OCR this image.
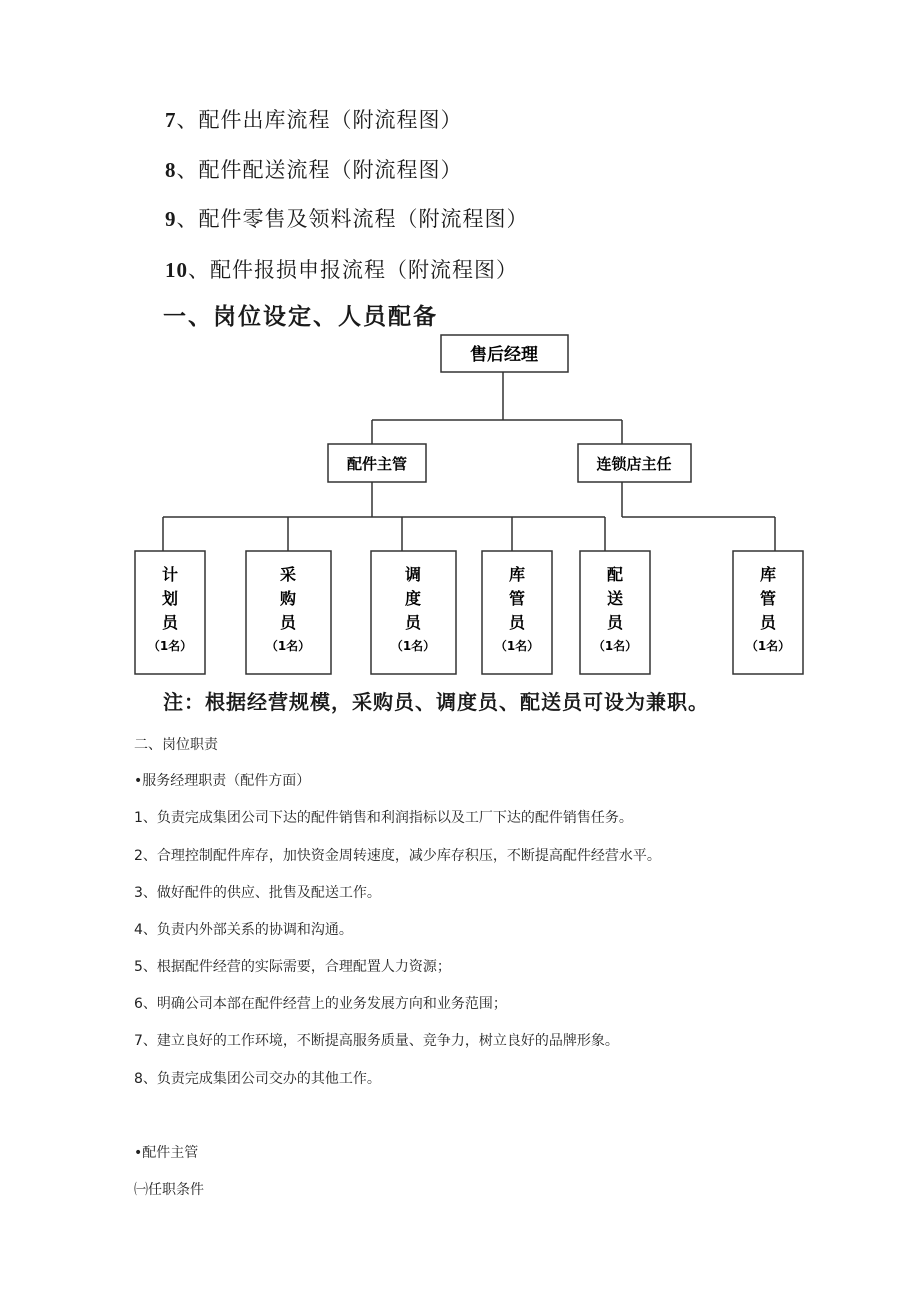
7、配件出库流程（附流程图）
8、配件配送流程（附流程图）
9、配件零售及领料流程（附流程图）
10、配件报损申报流程（附流程图）
一、岗位设定、人员配备
售后经理
配件主管	连锁店主任
计
划
员
（1名）
采
购
员
（1名）
调
度
员
（1名）
库
管
员
（1名）
配
送
员
（1名）
库
管
员
（1名）
注：根据经营规模，采购员、调度员、配送员可设为兼职。
二、岗位职责
•服务经理职责（配件方面）
1、负责完成集团公司下达的配件销售和利润指标以及工厂下达的配件销售任务。
2、合理控制配件库存，加快资金周转速度，减少库存积压，不断提高配件经营水平。
3、做好配件的供应、批售及配送工作。
4、负责内外部关系的协调和沟通。
5、根据配件经营的实际需要，合理配置人力资源；
6、明确公司本部在配件经营上的业务发展方向和业务范围；
7、建立良好的工作环境，不断提高服务质量、竞争力，树立良好的品牌形象。
8、负责完成集团公司交办的其他工作。
•配件主管
㈠任职条件
